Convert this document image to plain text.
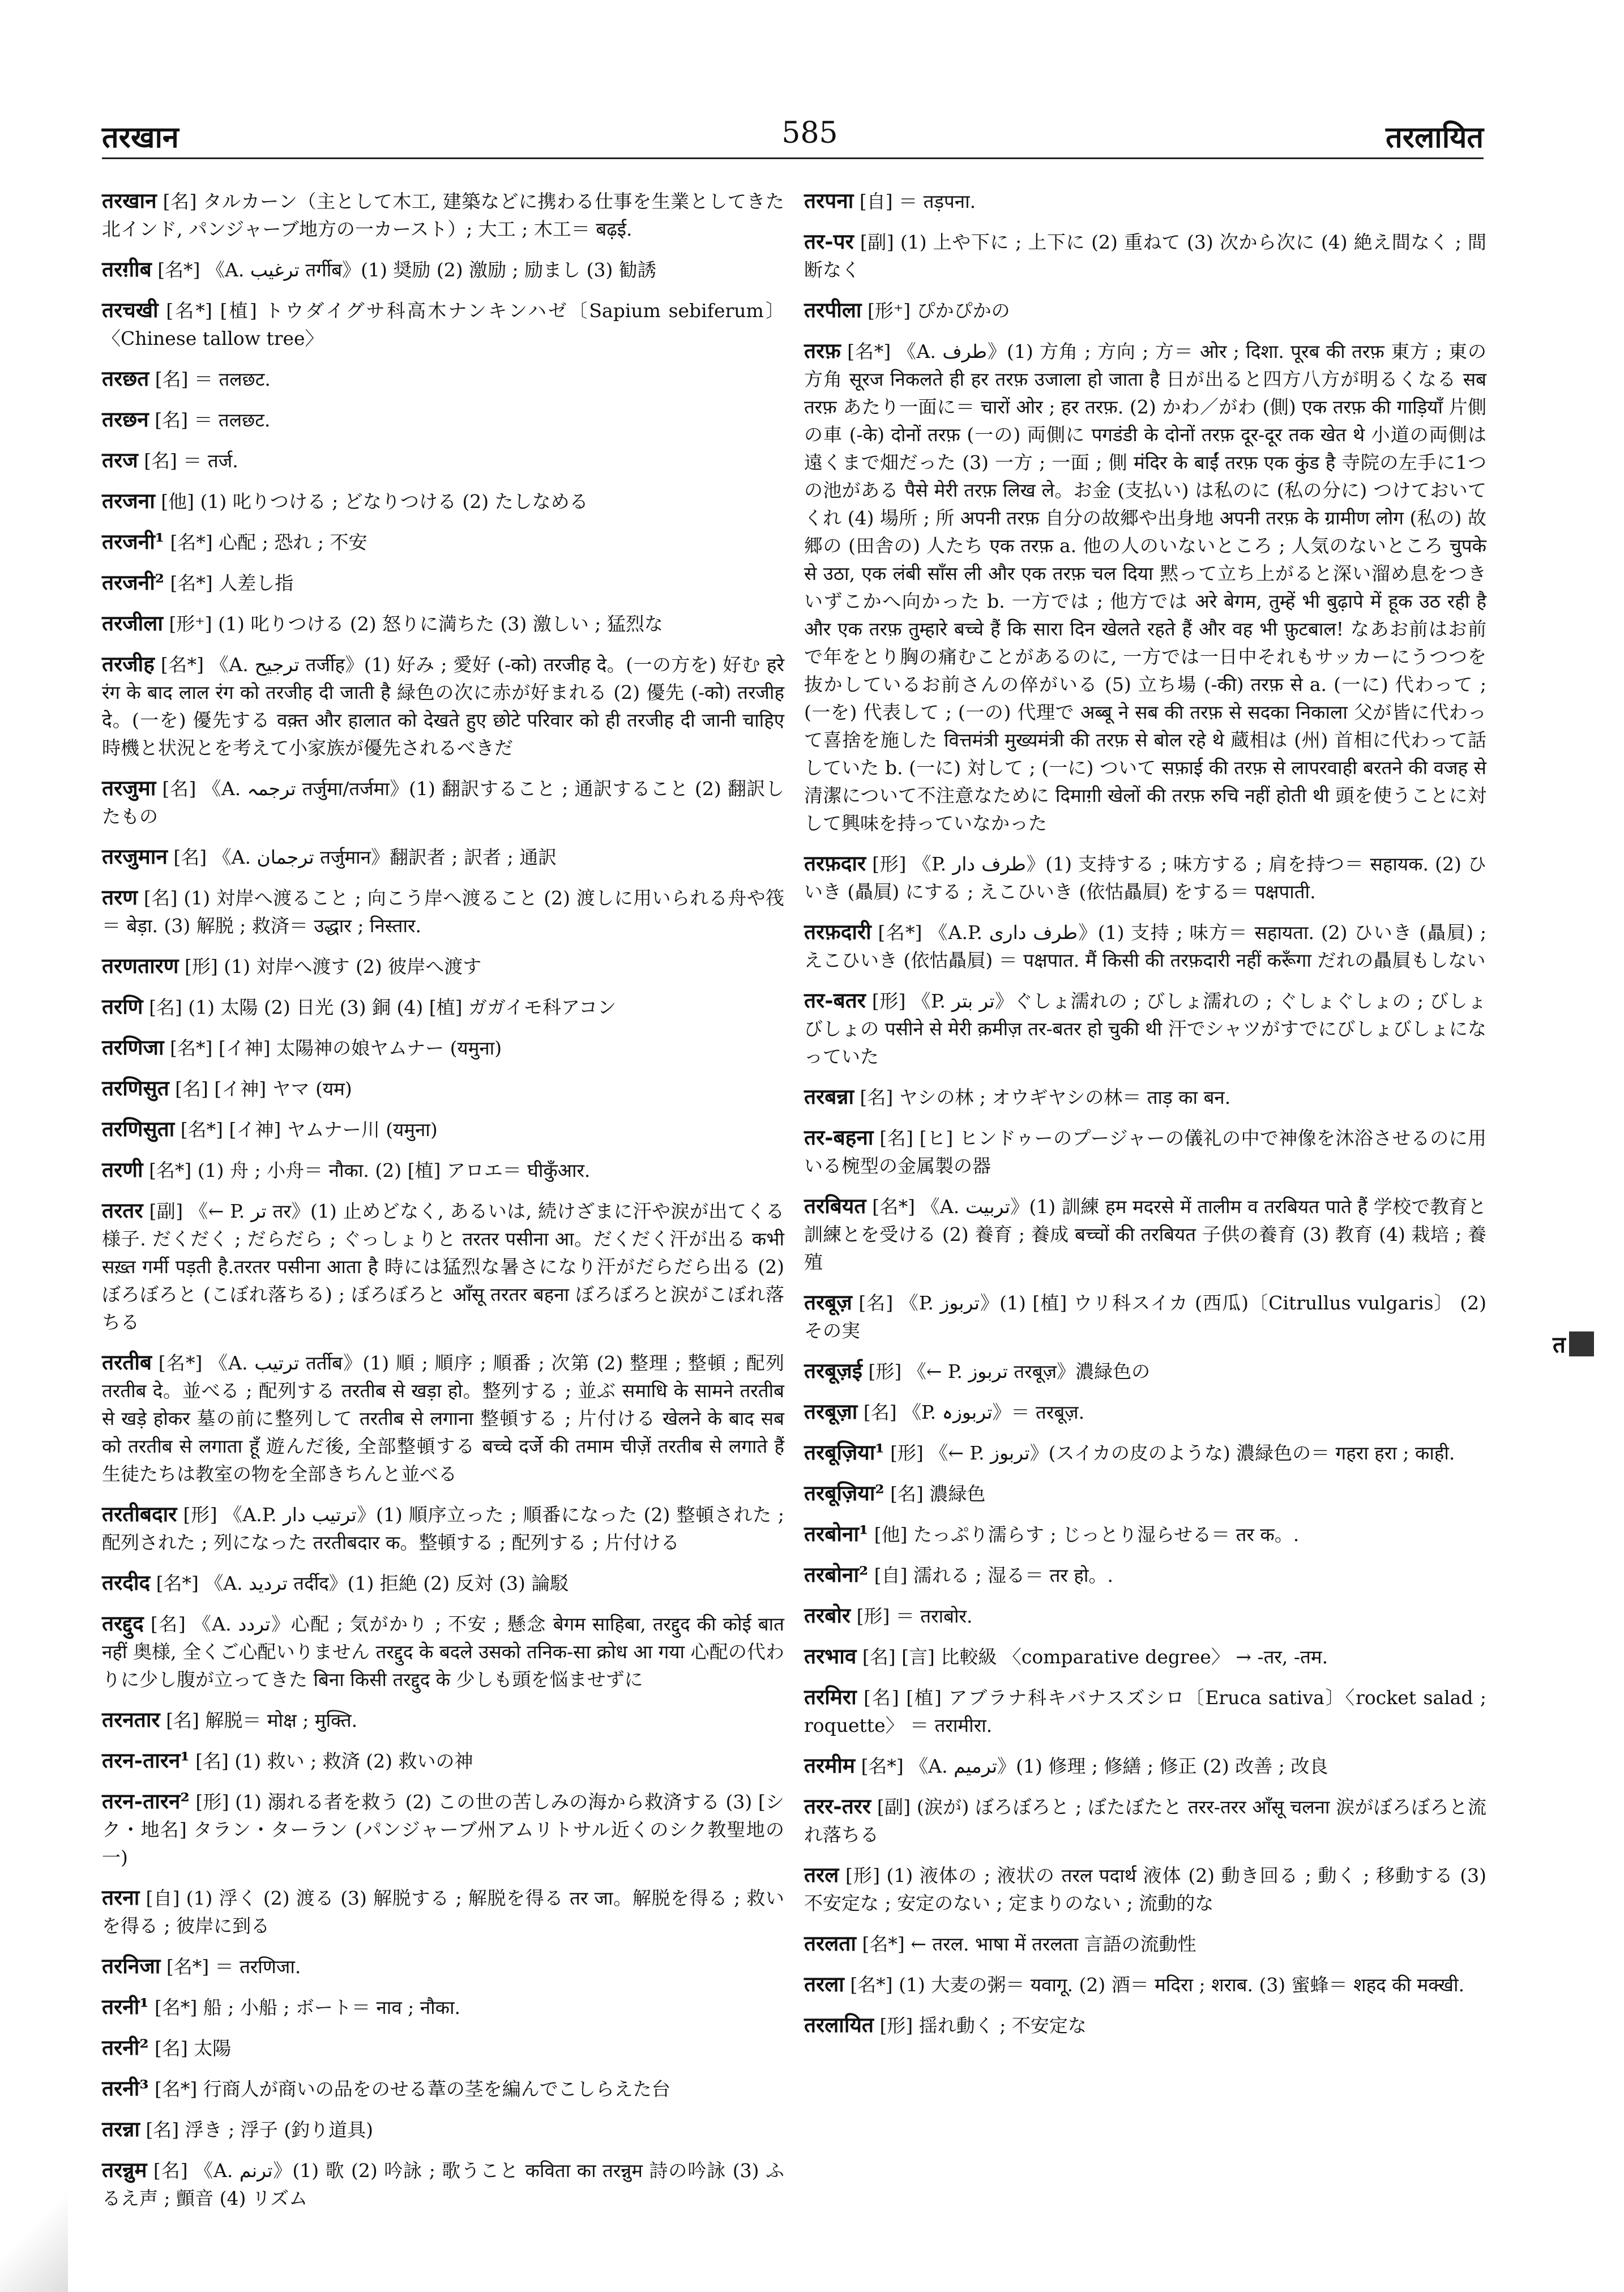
तरखान	585	तरलायित

तरखान [名] タルカーン（主として木工, 建築などに携わる仕事を生業としてきた北インド, パンジャーブ地方の一カースト）; 大工 ; 木工＝ बढ़ई.

तरग़ीब [名*] 《A. ترغیب तर्गीब》(1) 奨励 (2) 激励 ; 励まし (3) 勧誘

तरचखी [名*] [植] トウダイグサ科高木ナンキンハゼ〔Sapium sebiferum〕〈Chinese tallow tree〉

तरछत [名] ＝ तलछट.

तरछन [名] ＝ तलछट.

तरज [名] ＝ तर्ज.

तरजना [他] (1) 叱りつける ; どなりつける (2) たしなめる

तरजनी¹ [名*] 心配 ; 恐れ ; 不安

तरजनी² [名*] 人差し指

तरजीला [形⁺] (1) 叱りつける (2) 怒りに満ちた (3) 激しい ; 猛烈な

तरजीह [名*] 《A. ترجیح तर्जीह》(1) 好み ; 愛好 (-को) तरजीह दे。(一の方を) 好む हरे रंग के बाद लाल रंग को तरजीह दी जाती है 緑色の次に赤が好まれる (2) 優先 (-को) तरजीह दे。(一を) 優先する वक़्त और हालात को देखते हुए छोटे परिवार को ही तरजीह दी जानी चाहिए 時機と状況とを考えて小家族が優先されるべきだ

तरजुमा [名] 《A. ترجمہ तर्जुमा/तर्जमा》(1) 翻訳すること ; 通訳すること (2) 翻訳したもの

तरजुमान [名] 《A. ترجمان तर्जुमान》翻訳者 ; 訳者 ; 通訳

तरण [名] (1) 対岸へ渡ること ; 向こう岸へ渡ること (2) 渡しに用いられる舟や筏＝ बेड़ा. (3) 解脱 ; 救済＝ उद्धार ; निस्तार.

तरणतारण [形] (1) 対岸へ渡す (2) 彼岸へ渡す

तरणि [名] (1) 太陽 (2) 日光 (3) 銅 (4) [植] ガガイモ科アコン

तरणिजा [名*] [イ神] 太陽神の娘ヤムナー (यमुना)

तरणिसुत [名] [イ神] ヤマ (यम)

तरणिसुता [名*] [イ神] ヤムナー川 (यमुना)

तरणी [名*] (1) 舟 ; 小舟＝ नौका. (2) [植] アロエ＝ घीकुँआर.

तरतर [副] 《← P. تر तर》(1) 止めどなく, あるいは, 続けざまに汗や涙が出てくる様子. だくだく ; だらだら ; ぐっしょりと तरतर पसीना आ。だくだく汗が出る कभी सख़्त गर्मी पड़ती है.तरतर पसीना आता है 時には猛烈な暑さになり汗がだらだら出る (2) ぼろぼろと (こぼれ落ちる) ; ぼろぼろと आँसू तरतर बहना ぼろぼろと涙がこぼれ落ちる

तरतीब [名*] 《A. ترتیب तर्तीब》(1) 順 ; 順序 ; 順番 ; 次第 (2) 整理 ; 整頓 ; 配列 तरतीब दे。並べる ; 配列する तरतीब से खड़ा हो。整列する ; 並ぶ समाधि के सामने तरतीब से खड़े होकर 墓の前に整列して तरतीब से लगाना 整頓する ; 片付ける खेलने के बाद सब को तरतीब से लगाता हूँ 遊んだ後, 全部整頓する बच्चे दर्जे की तमाम चीज़ें तरतीब से लगाते हैं 生徒たちは教室の物を全部きちんと並べる

तरतीबदार [形] 《A.P. ترتیب دار》(1) 順序立った ; 順番になった (2) 整頓された ; 配列された ; 列になった तरतीबदार क。整頓する ; 配列する ; 片付ける

तरदीद [名*] 《A. تردید तर्दीद》(1) 拒絶 (2) 反対 (3) 論駁

तरद्दुद [名] 《A. تردد》心配 ; 気がかり ; 不安 ; 懸念 बेगम साहिबा, तरद्दुद की कोई बात नहीं 奥様, 全くご心配いりません तरद्दुद के बदले उसको तनिक-सा क्रोध आ गया 心配の代わりに少し腹が立ってきた बिना किसी तरद्दुद के 少しも頭を悩ませずに

तरनतार [名] 解脱＝ मोक्ष ; मुक्ति.

तरन-तारन¹ [名] (1) 救い ; 救済 (2) 救いの神

तरन-तारन² [形] (1) 溺れる者を救う (2) この世の苦しみの海から救済する (3) [シク・地名] タラン・ターラン (パンジャーブ州アムリトサル近くのシク教聖地の一)

तरना [自] (1) 浮く (2) 渡る (3) 解脱する ; 解脱を得る तर जा。解脱を得る ; 救いを得る ; 彼岸に到る

तरनिजा [名*] ＝ तरणिजा.

तरनी¹ [名*] 船 ; 小船 ; ボート＝ नाव ; नौका.

तरनी² [名] 太陽

तरनी³ [名*] 行商人が商いの品をのせる葦の茎を編んでこしらえた台

तरन्ना [名] 浮き ; 浮子 (釣り道具)

तरन्नुम [名] 《A. ترنم》(1) 歌 (2) 吟詠 ; 歌うこと कविता का तरन्नुम 詩の吟詠 (3) ふるえ声 ; 顫音 (4) リズム

तरपना [自] ＝ तड़पना.

तर-पर [副] (1) 上や下に ; 上下に (2) 重ねて (3) 次から次に (4) 絶え間なく ; 間断なく

तरपीला [形⁺] ぴかぴかの

तरफ़ [名*] 《A. طرف》(1) 方角 ; 方向 ; 方＝ ओर ; दिशा. पूरब की तरफ़ 東方 ; 東の方角 सूरज निकलते ही हर तरफ़ उजाला हो जाता है 日が出ると四方八方が明るくなる सब तरफ़ あたり一面に＝ चारों ओर ; हर तरफ़. (2) かわ／がわ (側) एक तरफ़ की गाड़ियाँ 片側の車 (-के) दोनों तरफ़ (一の) 両側に पगडंडी के दोनों तरफ़ दूर-दूर तक खेत थे 小道の両側は遠くまで畑だった (3) 一方 ; 一面 ; 側 मंदिर के बाईं तरफ़ एक कुंड है 寺院の左手に1つの池がある पैसे मेरी तरफ़ लिख ले。お金 (支払い) は私のに (私の分に) つけておいてくれ (4) 場所 ; 所 अपनी तरफ़ 自分の故郷や出身地 अपनी तरफ़ के ग्रामीण लोग (私の) 故郷の (田舎の) 人たち एक तरफ़ a. 他の人のいないところ ; 人気のないところ चुपके से उठा, एक लंबी साँस ली और एक तरफ़ चल दिया 黙って立ち上がると深い溜め息をつきいずこかへ向かった b. 一方では ; 他方では अरे बेगम, तुम्हें भी बुढ़ापे में हूक उठ रही है और एक तरफ़ तुम्हारे बच्चे हैं कि सारा दिन खेलते रहते हैं और वह भी फ़ुटबाल! なあお前はお前で年をとり胸の痛むことがあるのに, 一方では一日中それもサッカーにうつつを抜かしているお前さんの倅がいる (5) 立ち場 (-की) तरफ़ से a. (一に) 代わって ; (一を) 代表して ; (一の) 代理で अब्बू ने सब की तरफ़ से सदका निकाला 父が皆に代わって喜捨を施した वित्तमंत्री मुख्यमंत्री की तरफ़ से बोल रहे थे 蔵相は (州) 首相に代わって話していた b. (一に) 対して ; (一に) ついて सफ़ाई की तरफ़ से लापरवाही बरतने की वजह से 清潔について不注意なために दिमाग़ी खेलों की तरफ़ रुचि नहीं होती थी 頭を使うことに対して興味を持っていなかった

तरफ़दार [形] 《P. طرف دار》(1) 支持する ; 味方する ; 肩を持つ＝ सहायक. (2) ひいき (贔屓) にする ; えこひいき (依怙贔屓) をする＝ पक्षपाती.

तरफ़दारी [名*] 《A.P. طرف داری》(1) 支持 ; 味方＝ सहायता. (2) ひいき (贔屓) ; えこひいき (依怙贔屓) ＝ पक्षपात. मैं किसी की तरफ़दारी नहीं करूँगा だれの贔屓もしない

तर-बतर [形] 《P. تر بتر》ぐしょ濡れの ; びしょ濡れの ; ぐしょぐしょの ; びしょびしょの पसीने से मेरी क़मीज़ तर-बतर हो चुकी थी 汗でシャツがすでにびしょびしょになっていた

तरबन्ना [名] ヤシの林 ; オウギヤシの林＝ ताड़ का बन.

तर-बहना [名] [ヒ] ヒンドゥーのプージャーの儀礼の中で神像を沐浴させるのに用いる椀型の金属製の器

तरबियत [名*] 《A. تربیت》(1) 訓練 हम मदरसे में तालीम व तरबियत पाते हैं 学校で教育と訓練とを受ける (2) 養育 ; 養成 बच्चों की तरबियत 子供の養育 (3) 教育 (4) 栽培 ; 養殖

तरबूज़ [名] 《P. تربوز》(1) [植] ウリ科スイカ (西瓜)〔Citrullus vulgaris〕 (2) その実

तरबूज़ई [形] 《← P. تربوز तरबूज़》濃緑色の

तरबूज़ा [名] 《P. تربوزہ》＝ तरबूज़.

तरबूज़िया¹ [形] 《← P. تربوز》(スイカの皮のような) 濃緑色の＝ गहरा हरा ; काही.

तरबूज़िया² [名] 濃緑色

तरबोना¹ [他] たっぷり濡らす ; じっとり湿らせる＝ तर क。.

तरबोना² [自] 濡れる ; 湿る＝ तर हो。.

तरबोर [形] ＝ तराबोर.

तरभाव [名] [言] 比較級 〈comparative degree〉 → -तर, -तम.

तरमिरा [名] [植] アブラナ科キバナスズシロ〔Eruca sativa〕〈rocket salad ; roquette〉 ＝ तरामीरा.

तरमीम [名*] 《A. ترمیم》(1) 修理 ; 修繕 ; 修正 (2) 改善 ; 改良

तरर-तरर [副] (涙が) ぼろぼろと ; ぼたぼたと तरर-तरर आँसू चलना 涙がぼろぼろと流れ落ちる

तरल [形] (1) 液体の ; 液状の तरल पदार्थ 液体 (2) 動き回る ; 動く ; 移動する (3) 不安定な ; 安定のない ; 定まりのない ; 流動的な

तरलता [名*] ← तरल. भाषा में तरलता 言語の流動性

तरला [名*] (1) 大麦の粥＝ यवागू. (2) 酒＝ मदिरा ; शराब. (3) 蜜蜂＝ शहद की मक्खी.

तरलायित [形] 揺れ動く ; 不安定な

त
